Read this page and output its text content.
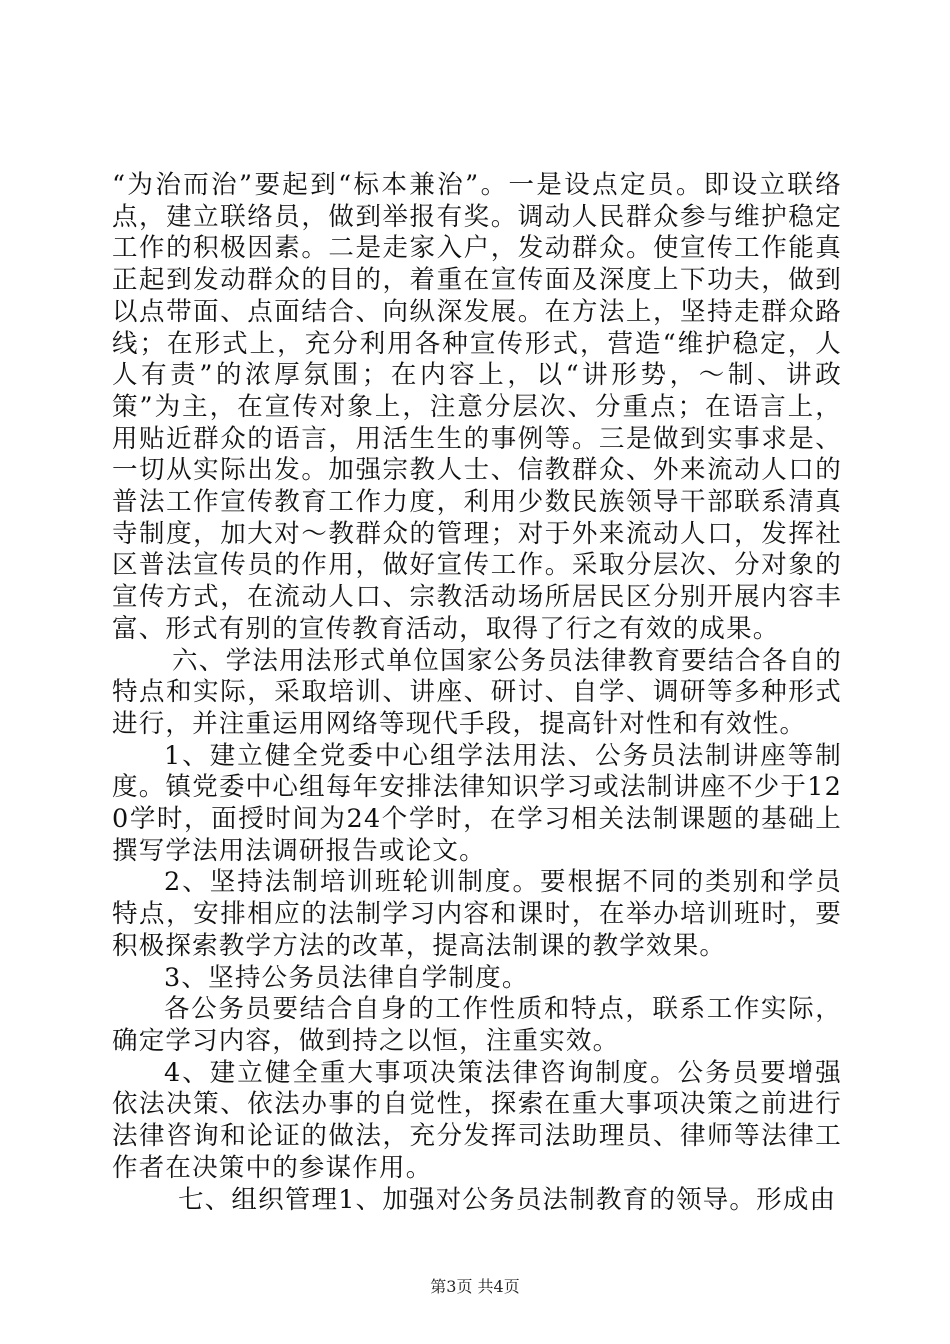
“为治而治”要起到“标本兼治”。一是设点定员。即设立联络点，建立联络员，做到举报有奖。调动人民群众参与维护稳定工作的积极因素。二是走家入户，发动群众。使宣传工作能真正起到发动群众的目的，着重在宣传面及深度上下功夫，做到以点带面、点面结合、向纵深发展。在方法上，坚持走群众路线；在形式上，充分利用各种宣传形式，营造“维护稳定，人人有责”的浓厚氛围；在内容上，以“讲形势，～制、讲政策”为主，在宣传对象上，注意分层次、分重点；在语言上，用贴近群众的语言，用活生生的事例等。三是做到实事求是、一切从实际出发。加强宗教人士、信教群众、外来流动人口的普法工作宣传教育工作力度，利用少数民族领导干部联系清真寺制度，加大对～教群众的管理；对于外来流动人口，发挥社区普法宣传员的作用，做好宣传工作。采取分层次、分对象的宣传方式，在流动人口、宗教活动场所居民区分别开展内容丰富、形式有别的宣传教育活动，取得了行之有效的成果。

六、学法用法形式单位国家公务员法律教育要结合各自的特点和实际，采取培训、讲座、研讨、自学、调研等多种形式进行，并注重运用网络等现代手段，提高针对性和有效性。

1、建立健全党委中心组学法用法、公务员法制讲座等制度。镇党委中心组每年安排法律知识学习或法制讲座不少于120学时，面授时间为24个学时，在学习相关法制课题的基础上撰写学法用法调研报告或论文。

2、坚持法制培训班轮训制度。要根据不同的类别和学员特点，安排相应的法制学习内容和课时，在举办培训班时，要积极探索教学方法的改革，提高法制课的教学效果。

3、坚持公务员法律自学制度。

各公务员要结合自身的工作性质和特点，联系工作实际，确定学习内容，做到持之以恒，注重实效。

4、建立健全重大事项决策法律咨询制度。公务员要增强依法决策、依法办事的自觉性，探索在重大事项决策之前进行法律咨询和论证的做法，充分发挥司法助理员、律师等法律工作者在决策中的参谋作用。

七、组织管理1、加强对公务员法制教育的领导。形成由

第3页 共4页
